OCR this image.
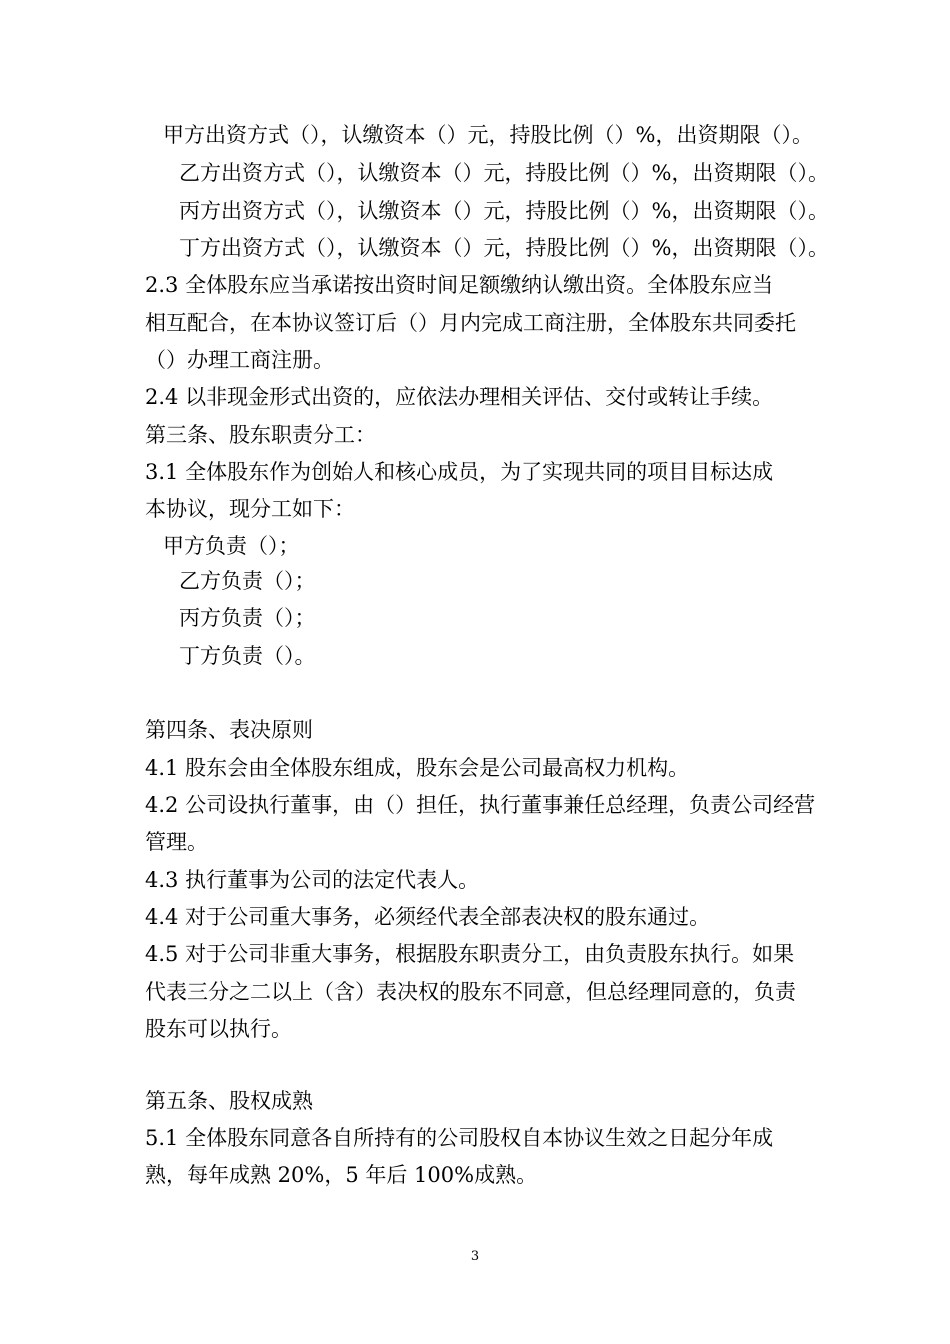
甲方出资方式（），认缴资本（）元，持股比例（）%，出资期限（）。
乙方出资方式（），认缴资本（）元，持股比例（）%，出资期限（）。
丙方出资方式（），认缴资本（）元，持股比例（）%，出资期限（）。
丁方出资方式（），认缴资本（）元，持股比例（）%，出资期限（）。
2.3 全体股东应当承诺按出资时间足额缴纳认缴出资。全体股东应当
相互配合，在本协议签订后（）月内完成工商注册，全体股东共同委托
（）办理工商注册。
2.4 以非现金形式出资的，应依法办理相关评估、交付或转让手续。
第三条、股东职责分工：
3.1 全体股东作为创始人和核心成员，为了实现共同的项目目标达成
本协议，现分工如下：
甲方负责（）；
乙方负责（）；
丙方负责（）；
丁方负责（）。
第四条、表决原则
4.1 股东会由全体股东组成，股东会是公司最高权力机构。
4.2 公司设执行董事，由（）担任，执行董事兼任总经理，负责公司经营
管理。
4.3 执行董事为公司的法定代表人。
4.4 对于公司重大事务，必须经代表全部表决权的股东通过。
4.5 对于公司非重大事务，根据股东职责分工，由负责股东执行。如果
代表三分之二以上（含）表决权的股东不同意，但总经理同意的，负责
股东可以执行。
第五条、股权成熟
5.1 全体股东同意各自所持有的公司股权自本协议生效之日起分年成
熟，每年成熟 20%，5 年后 100%成熟。
3
